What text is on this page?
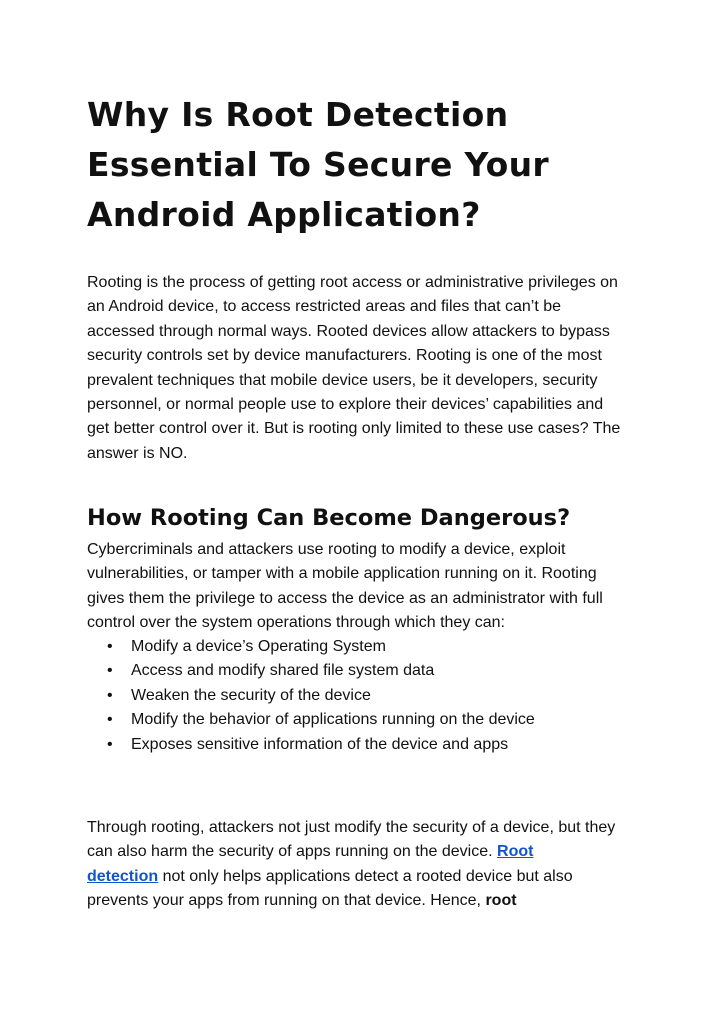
Why Is Root Detection
Essential To Secure Your
Android Application?

Rooting is the process of getting root access or administrative privileges on
an Android device, to access restricted areas and files that can’t be
accessed through normal ways. Rooted devices allow attackers to bypass
security controls set by device manufacturers. Rooting is one of the most
prevalent techniques that mobile device users, be it developers, security
personnel, or normal people use to explore their devices’ capabilities and
get better control over it. But is rooting only limited to these use cases? The
answer is NO.

How Rooting Can Become Dangerous?

Cybercriminals and attackers use rooting to modify a device, exploit
vulnerabilities, or tamper with a mobile application running on it. Rooting
gives them the privilege to access the device as an administrator with full
control over the system operations through which they can:

• Modify a device’s Operating System
• Access and modify shared file system data
• Weaken the security of the device
• Modify the behavior of applications running on the device
• Exposes sensitive information of the device and apps

Through rooting, attackers not just modify the security of a device, but they
can also harm the security of apps running on the device. Root
detection not only helps applications detect a rooted device but also
prevents your apps from running on that device. Hence, root
